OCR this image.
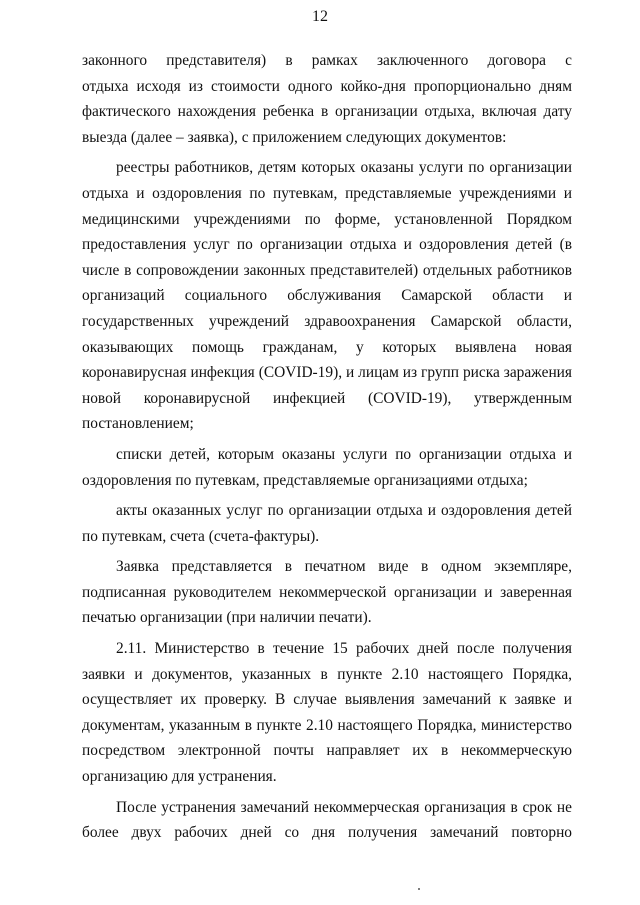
12
законного представителя) в рамках заключенного договора с
отдыха исходя из стоимости одного койко-дня пропорционально дням
фактического нахождения ребенка в организации отдыха, включая дату
выезда (далее – заявка), с приложением следующих документов:
реестры работников, детям которых оказаны услуги по организации
отдыха и оздоровления по путевкам, представляемые учреждениями и
медицинскими учреждениями по форме, установленной Порядком
предоставления услуг по организации отдыха и оздоровления детей (в
числе в сопровождении законных представителей) отдельных работников
организаций социального обслуживания Самарской области и
государственных учреждений здравоохранения Самарской области,
оказывающих помощь гражданам, у которых выявлена новая
коронавирусная инфекция (COVID-19), и лицам из групп риска заражения
новой коронавирусной инфекцией (COVID-19), утвержденным
постановлением;
списки детей, которым оказаны услуги по организации отдыха и
оздоровления по путевкам, представляемые организациями отдыха;
акты оказанных услуг по организации отдыха и оздоровления детей
по путевкам, счета (счета-фактуры).
Заявка представляется в печатном виде в одном экземпляре,
подписанная руководителем некоммерческой организации и заверенная
печатью организации (при наличии печати).
2.11. Министерство в течение 15 рабочих дней после получения
заявки и документов, указанных в пункте 2.10 настоящего Порядка,
осуществляет их проверку. В случае выявления замечаний к заявке и
документам, указанным в пункте 2.10 настоящего Порядка, министерство
посредством электронной почты направляет их в некоммерческую
организацию для устранения.
После устранения замечаний некоммерческая организация в срок не
более двух рабочих дней со дня получения замечаний повторно
